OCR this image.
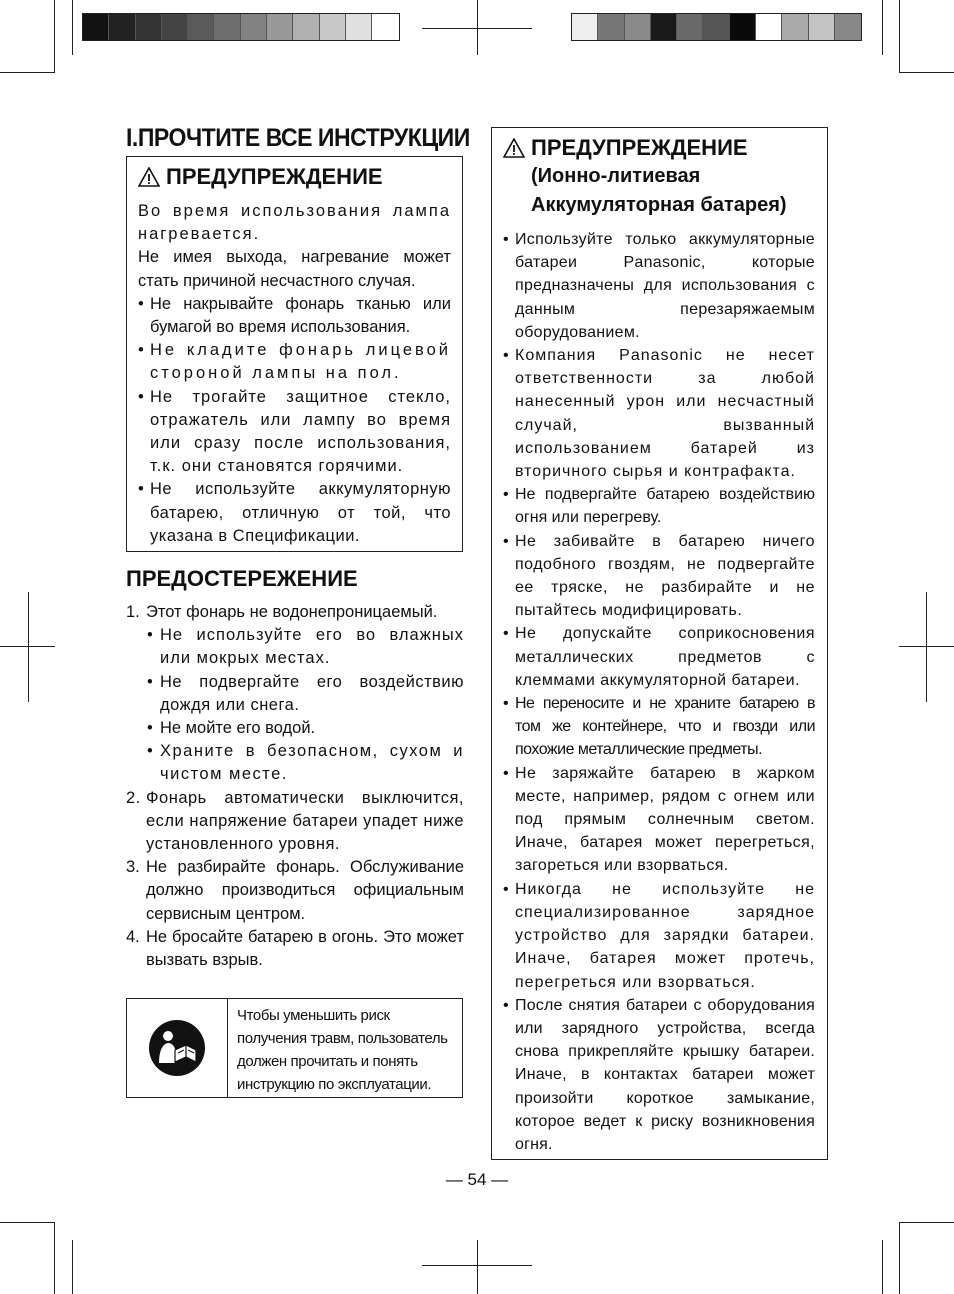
I.ПРОЧТИТЕ ВСЕ ИНСТРУКЦИИ
ПРЕДУПРЕЖДЕНИЕ

Во время использования лампа нагревается.

Не имея выхода, нагревание может стать причиной несчастного случая.

• Не накрывайте фонарь тканью или бумагой во время использования.
• Не кладите фонарь лицевой стороной лампы на пол.
• Не трогайте защитное стекло, отражатель или лампу во время или сразу после использования, т.к. они становятся горячими.
• Не используйте аккумуляторную батарею, отличную от той, что указана в Спецификации.
ПРЕДОСТЕРЕЖЕНИЕ
1. Этот фонарь не водонепроницаемый.
• Не используйте его во влажных или мокрых местах.
• Не подвергайте его воздействию дождя или снега.
• Не мойте его водой.
• Храните в безопасном, сухом и чистом месте.
2. Фонарь автоматически выключится, если напряжение батареи упадет ниже установленного уровня.
3. Не разбирайте фонарь. Обслуживание должно производиться официальным сервисным центром.
4. Не бросайте батарею в огонь. Это может вызвать взрыв.
Чтобы уменьшить риск
получения травм, пользователь
должен прочитать и понять
инструкцию по эксплуатации.
ПРЕДУПРЕЖДЕНИЕ
(Ионно-литиевая
Аккумуляторная батарея)
• Используйте только аккумуляторные батареи Panasonic, которые предназначены для использования с данным перезаряжаемым оборудованием.
• Компания Panasonic не несет ответственности за любой нанесенный урон или несчастный случай, вызванный использованием батарей из вторичного сырья и контрафакта.
• Не подвергайте батарею воздействию огня или перегреву.
• Не забивайте в батарею ничего подобного гвоздям, не подвергайте ее тряске, не разбирайте и не пытайтесь модифицировать.
• Не допускайте соприкосновения металлических предметов с клеммами аккумуляторной батареи.
• Не переносите и не храните батарею в том же контейнере, что и гвозди или похожие металлические предметы.
• Не заряжайте батарею в жарком месте, например, рядом с огнем или под прямым солнечным светом. Иначе, батарея может перегреться, загореться или взорваться.
• Никогда не используйте не специализированное зарядное устройство для зарядки батареи. Иначе, батарея может протечь, перегреться или взорваться.
• После снятия батареи с оборудования или зарядного устройства, всегда снова прикрепляйте крышку батареи. Иначе, в контактах батареи может произойти короткое замыкание, которое ведет к риску возникновения огня.
— 54 —
